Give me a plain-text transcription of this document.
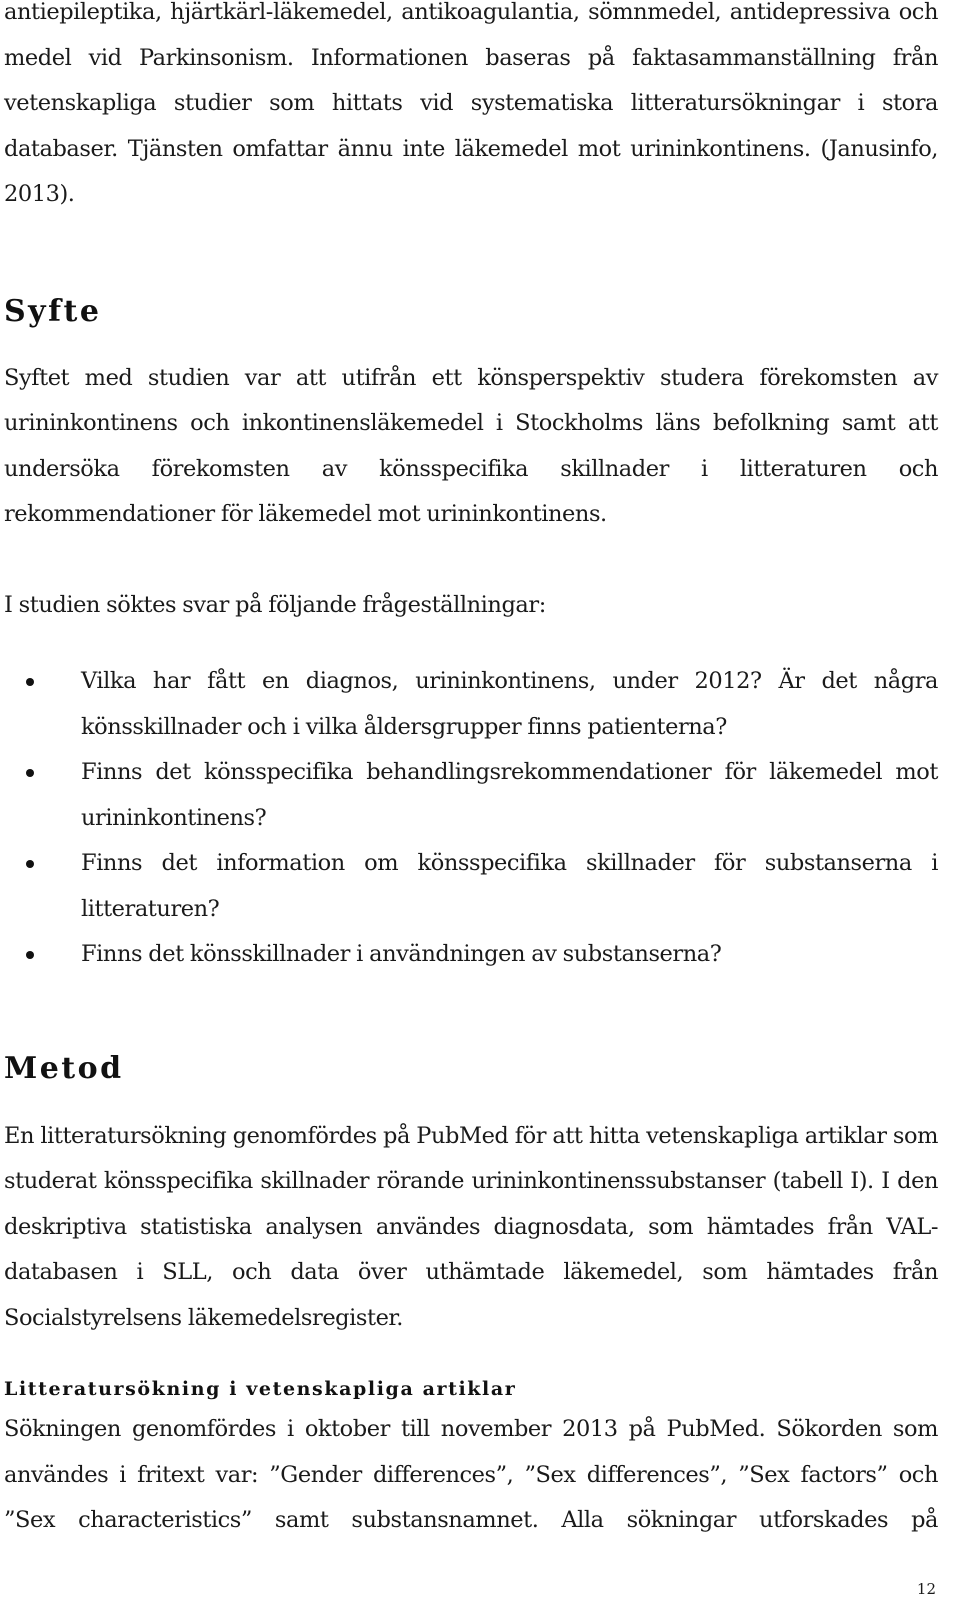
antiepileptika, hjärtkärl-läkemedel, antikoagulantia, sömnmedel, antidepressiva och medel vid Parkinsonism. Informationen baseras på faktasammanställning från vetenskapliga studier som hittats vid systematiska litteratursökningar i stora databaser. Tjänsten omfattar ännu inte läkemedel mot urininkontinens. (Janusinfo, 2013).

Syfte

Syftet med studien var att utifrån ett könsperspektiv studera förekomsten av urininkontinens och inkontinensläkemedel i Stockholms läns befolkning samt att undersöka förekomsten av könsspecifika skillnader i litteraturen och rekommendationer för läkemedel mot urininkontinens.

I studien söktes svar på följande frågeställningar:

Vilka har fått en diagnos, urininkontinens, under 2012? Är det några könsskillnader och i vilka åldersgrupper finns patienterna?

Finns det könsspecifika behandlingsrekommendationer för läkemedel mot urininkontinens?

Finns det information om könsspecifika skillnader för substanserna i litteraturen?

Finns det könsskillnader i användningen av substanserna?

Metod

En litteratursökning genomfördes på PubMed för att hitta vetenskapliga artiklar som studerat könsspecifika skillnader rörande urininkontinenssubstanser (tabell I). I den deskriptiva statistiska analysen användes diagnosdata, som hämtades från VAL-databasen i SLL, och data över uthämtade läkemedel, som hämtades från Socialstyrelsens läkemedelsregister.

Litteratursökning i vetenskapliga artiklar

Sökningen genomfördes i oktober till november 2013 på PubMed. Sökorden som användes i fritext var: ”Gender differences”, ”Sex differences”, ”Sex factors” och ”Sex characteristics” samt substansnamnet. Alla sökningar utforskades på

12
